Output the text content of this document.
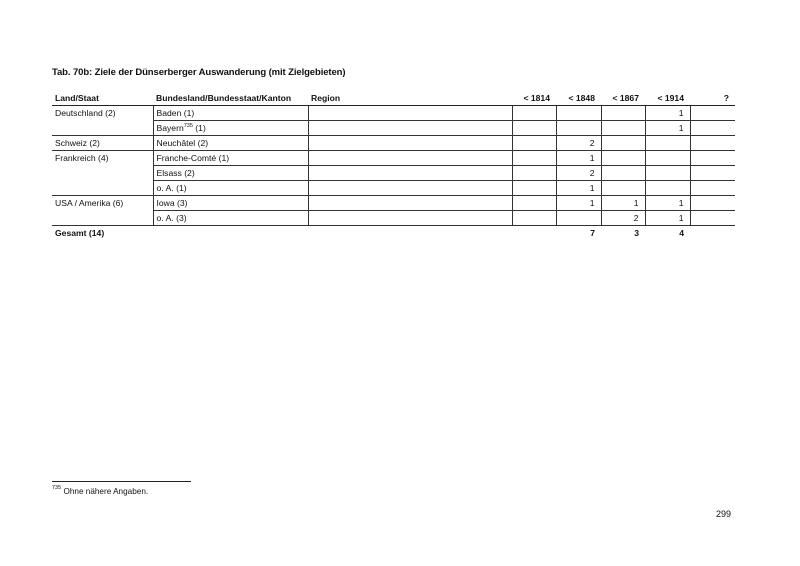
Tab. 70b: Ziele der Dünserberger Auswanderung (mit Zielgebieten)
Land/Staat	Bundesland/Bundesstaat/Kanton	Region	< 1814	< 1848	< 1867	< 1914	?
Deutschland (2)	Baden (1)					1	
	Bayern$^{735}$ (1)					1	
Schweiz (2)	Neuchâtel (2)			2			
Frankreich (4)	Franche-Comté (1)			1			
	Elsass (2)			2			
	o. A. (1)			1			
USA / Amerika (6)	Iowa (3)			1	1	1	
	o. A. (3)				2	1	
Gesamt (14)				7	3	4	
$^{735}$ Ohne nähere Angaben.
299
